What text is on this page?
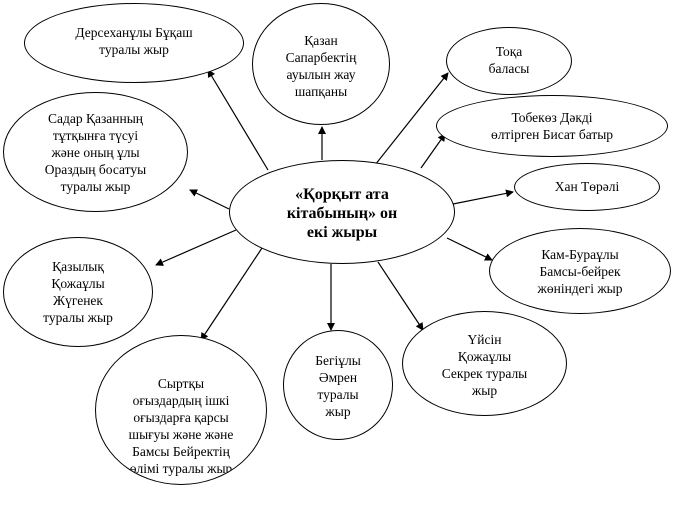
Дерсеханұлы Бұқаш
туралы жыр
Қазан
Сапарбектің
ауылын жау
шапқаны
Тоқа
баласы
Тобекөз Дәкді
өлтірген Бисат батыр
Хан Төрәлі
«Қорқыт ата
кітабының» он
екі жыры
Кам-Бураұлы
Бамсы-бейрек
жөніндегі жыр
Үйсін
Қожаұлы
Секрек туралы
жыр
Бегіұлы
Әмрен
туралы
жыр
Сыртқы
оғыздардың ішкі
оғыздарға қарсы
шығуы және және
Бамсы Бейректің
өлімі туралы жыр
Қазылық
Қожаұлы
Жүгенек
туралы жыр
Садар Қазанның
тұтқынға түсуі
және оның ұлы
Ораздың босатуы
туралы жыр
